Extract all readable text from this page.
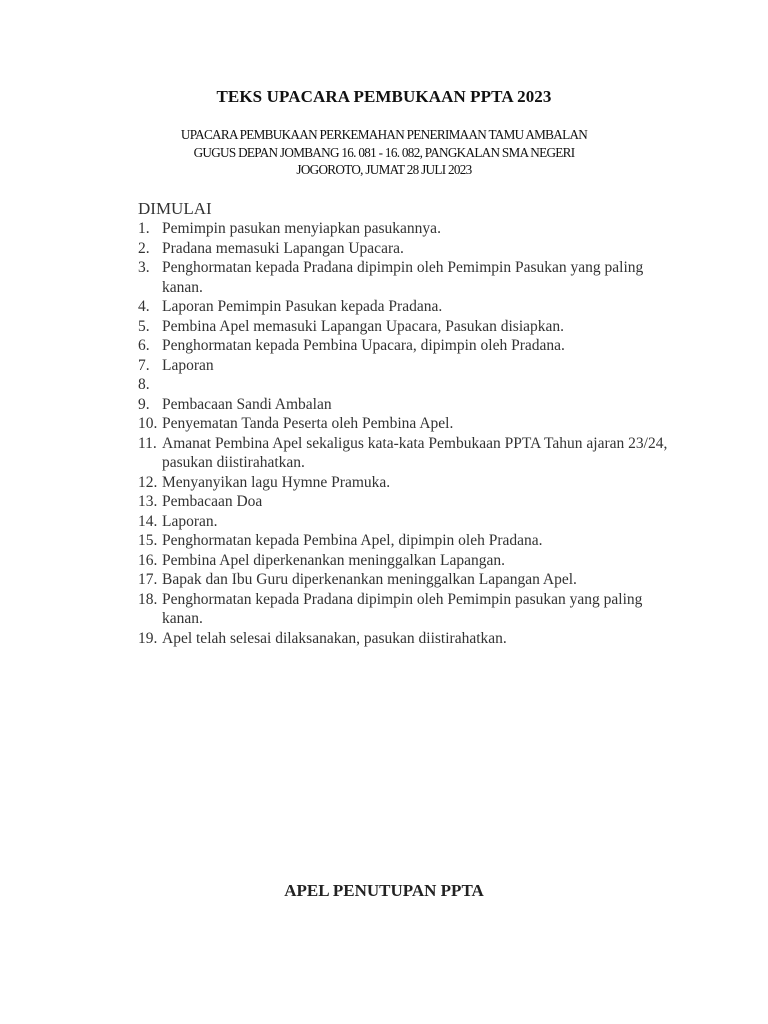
TEKS UPACARA PEMBUKAAN PPTA 2023
UPACARA PEMBUKAAN PERKEMAHAN PENERIMAAN TAMU AMBALAN
GUGUS DEPAN JOMBANG 16. 081 - 16. 082, PANGKALAN SMA NEGERI
JOGOROTO, JUMAT 28 JULI 2023
DIMULAI
1. Pemimpin pasukan menyiapkan pasukannya.
2. Pradana memasuki Lapangan Upacara.
3. Penghormatan kepada Pradana dipimpin oleh Pemimpin Pasukan yang paling kanan.
4. Laporan Pemimpin Pasukan kepada Pradana.
5. Pembina Apel memasuki Lapangan Upacara, Pasukan disiapkan.
6. Penghormatan kepada Pembina Upacara, dipimpin oleh Pradana.
7. Laporan
8.
9. Pembacaan Sandi Ambalan
10. Penyematan Tanda Peserta oleh Pembina Apel.
11. Amanat Pembina Apel sekaligus kata-kata Pembukaan PPTA Tahun ajaran 23/24, pasukan diistirahatkan.
12. Menyanyikan lagu Hymne Pramuka.
13. Pembacaan Doa
14. Laporan.
15. Penghormatan kepada Pembina Apel, dipimpin oleh Pradana.
16. Pembina Apel diperkenankan meninggalkan Lapangan.
17. Bapak dan Ibu Guru diperkenankan meninggalkan Lapangan Apel.
18. Penghormatan kepada Pradana dipimpin oleh Pemimpin pasukan yang paling kanan.
19. Apel telah selesai dilaksanakan, pasukan diistirahatkan.
APEL PENUTUPAN PPTA
